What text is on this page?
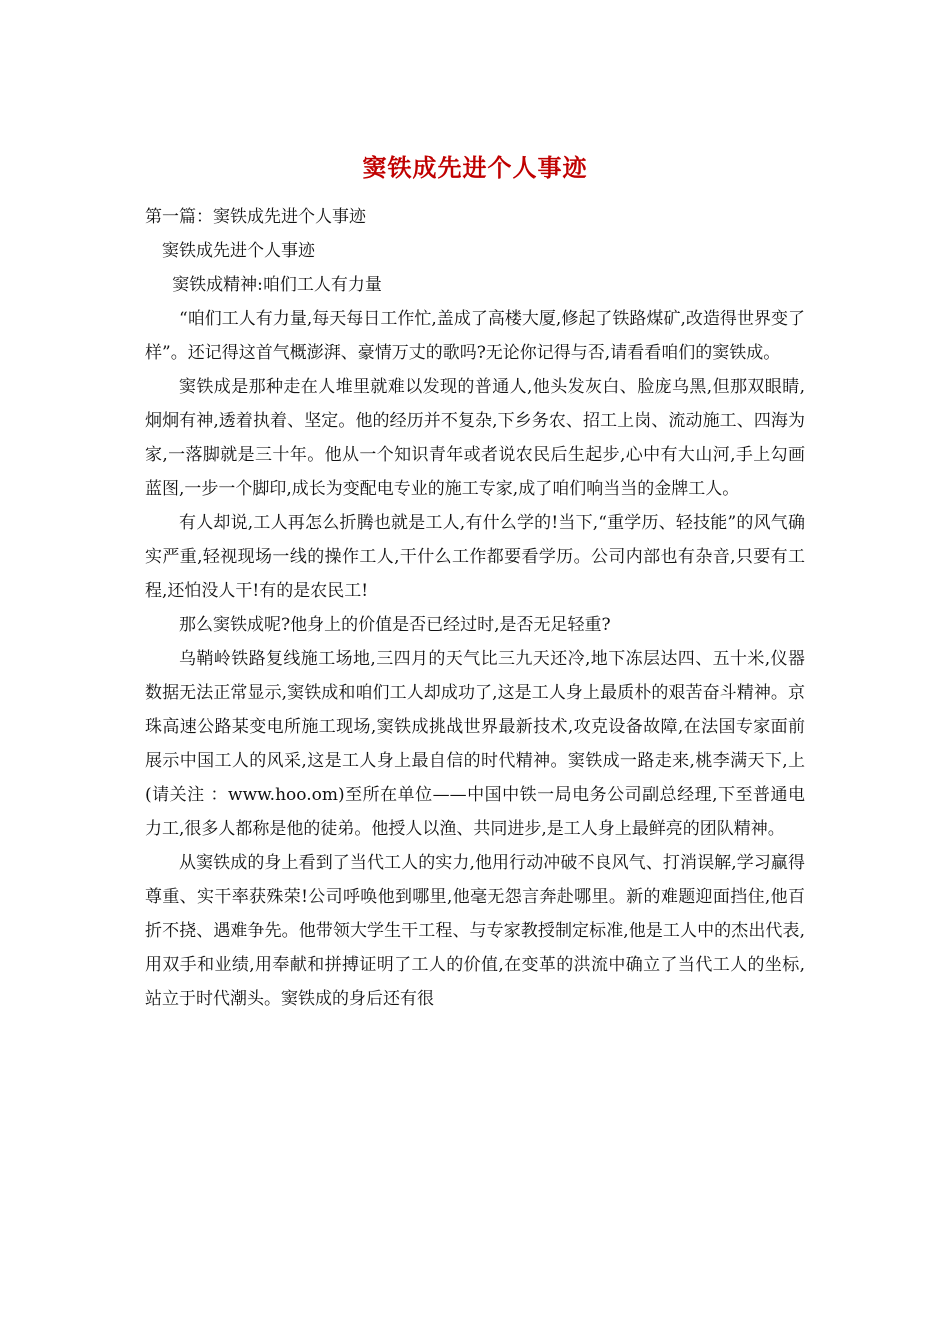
窦铁成先进个人事迹

第一篇：窦铁成先进个人事迹

窦铁成先进个人事迹

窦铁成精神:咱们工人有力量

“咱们工人有力量,每天每日工作忙,盖成了高楼大厦,修起了铁路煤矿,改造得世界变了样”。还记得这首气概澎湃、豪情万丈的歌吗?无论你记得与否,请看看咱们的窦铁成。

窦铁成是那种走在人堆里就难以发现的普通人,他头发灰白、脸庞乌黑,但那双眼睛,炯炯有神,透着执着、坚定。他的经历并不复杂,下乡务农、招工上岗、流动施工、四海为家,一落脚就是三十年。他从一个知识青年或者说农民后生起步,心中有大山河,手上勾画蓝图,一步一个脚印,成长为变配电专业的施工专家,成了咱们响当当的金牌工人。

有人却说,工人再怎么折腾也就是工人,有什么学的!当下,“重学历、轻技能”的风气确实严重,轻视现场一线的操作工人,干什么工作都要看学历。公司内部也有杂音,只要有工程,还怕没人干!有的是农民工!

那么窦铁成呢?他身上的价值是否已经过时,是否无足轻重?

乌鞘岭铁路复线施工场地,三四月的天气比三九天还冷,地下冻层达四、五十米,仪器数据无法正常显示,窦铁成和咱们工人却成功了,这是工人身上最质朴的艰苦奋斗精神。京珠高速公路某变电所施工现场,窦铁成挑战世界最新技术,攻克设备故障,在法国专家面前展示中国工人的风采,这是工人身上最自信的时代精神。窦铁成一路走来,桃李满天下,上(请关注 ：www.hoo.om)至所在单位——中国中铁一局电务公司副总经理,下至普通电力工,很多人都称是他的徒弟。他授人以渔、共同进步,是工人身上最鲜亮的团队精神。

从窦铁成的身上看到了当代工人的实力,他用行动冲破不良风气、打消误解,学习赢得尊重、实干率获殊荣!公司呼唤他到哪里,他毫无怨言奔赴哪里。新的难题迎面挡住,他百折不挠、遇难争先。他带领大学生干工程、与专家教授制定标准,他是工人中的杰出代表,用双手和业绩,用奉献和拼搏证明了工人的价值,在变革的洪流中确立了当代工人的坐标,站立于时代潮头。窦铁成的身后还有很
